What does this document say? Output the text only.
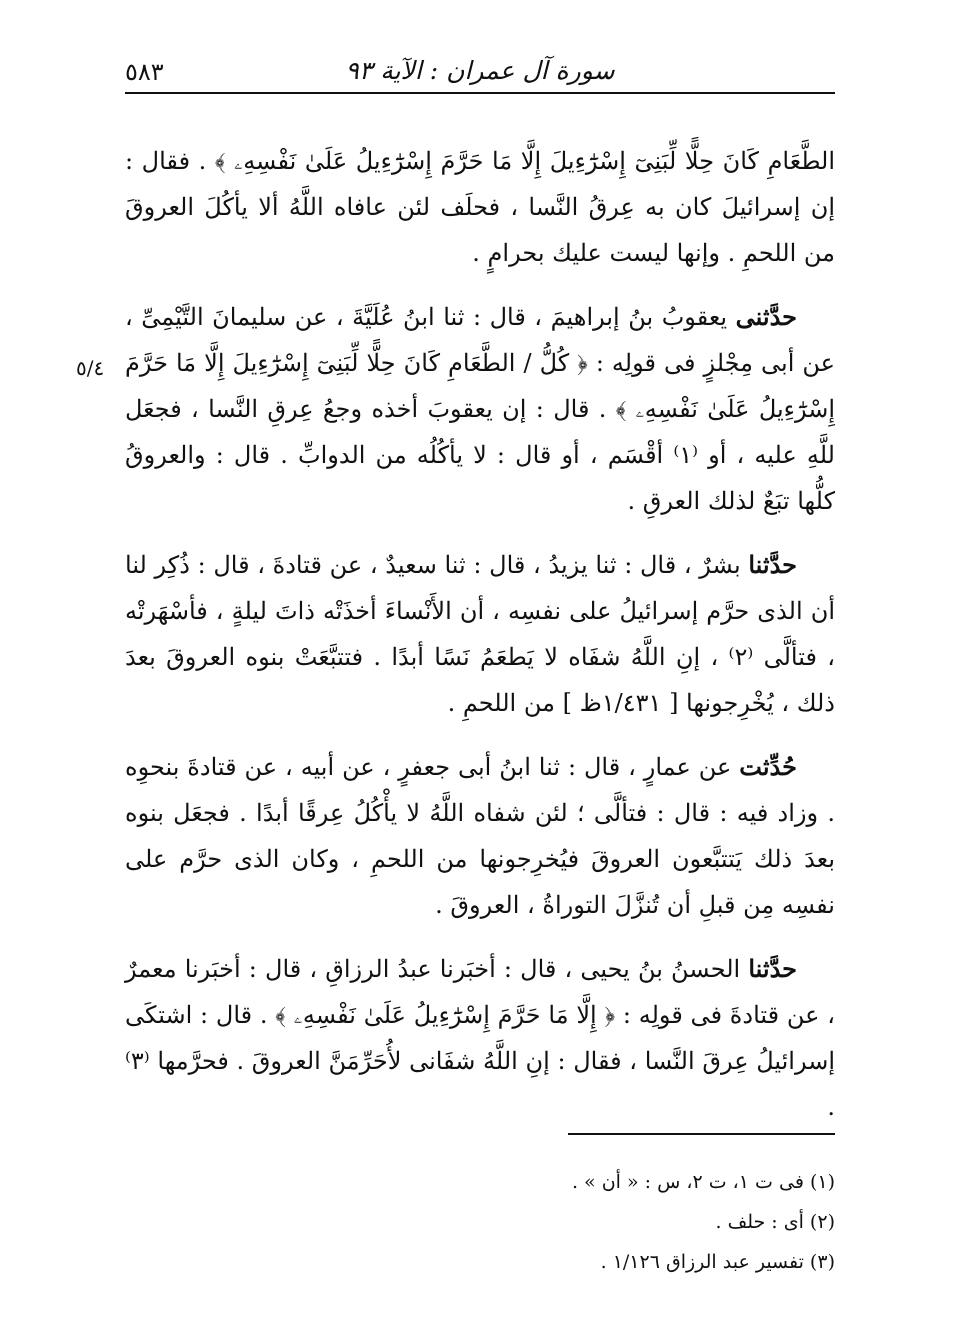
٥٨٣	سورة آل عمران : الآية ٩٣
٥/٤

الطَّعَامِ كَانَ حِلًّا لِّبَنِىٓ إِسْرَٰٓءِيلَ إِلَّا مَا حَرَّمَ إِسْرَٰٓءِيلُ عَلَىٰ نَفْسِهِۦ ﴾ . فقال : إن إسرائيلَ كان به عِرقُ النَّسا ، فحلَف لئن عافاه اللَّهُ ألا يأكُلَ العروقَ من اللحمِ . وإنها ليست عليك بحرامٍ .

حدَّثنى يعقوبُ بنُ إبراهيمَ ، قال : ثنا ابنُ عُلَيَّةَ ، عن سليمانَ التَّيْمِىِّ ، عن أبى مِجْلزٍ فى قولِه : ﴿ كُلُّ / الطَّعَامِ كَانَ حِلًّا لِّبَنِىٓ إِسْرَٰٓءِيلَ إِلَّا مَا حَرَّمَ إِسْرَٰٓءِيلُ عَلَىٰ نَفْسِهِۦ ﴾ . قال : إن يعقوبَ أخذه وجعُ عِرقِ النَّسا ، فجعَل للَّهِ عليه ، أو ⁽١⁾ أقْسَم ، أو قال : لا يأكُلُه من الدوابِّ . قال : والعروقُ كلُّها تبَعٌ لذلك العرقِ .

حدَّثنا بشرٌ ، قال : ثنا يزيدُ ، قال : ثنا سعيدٌ ، عن قتادةَ ، قال : ذُكِر لنا أن الذى حرَّم إسرائيلُ على نفسِه ، أن الأَنْساءَ أخذَتْه ذاتَ ليلةٍ ، فأسْهَرتْه ، فتألَّى ⁽٢⁾ ، إنِ اللَّهُ شفَاه لا يَطعَمُ نَسًا أبدًا . فتتبَّعَتْ بنوه العروقَ بعدَ ذلك ، يُخْرِجونها [ ١/٤٣١ظ ] من اللحمِ .

حُدِّثت عن عمارٍ ، قال : ثنا ابنُ أبى جعفرٍ ، عن أبيه ، عن قتادةَ بنحوِه . وزاد فيه : قال : فتألَّى ؛ لئن شفاه اللَّهُ لا يأْكُلُ عِرقًا أبدًا . فجعَل بنوه بعدَ ذلك يَتتبَّعون العروقَ فيُخرِجونها من اللحمِ ، وكان الذى حرَّم على نفسِه مِن قبلِ أن تُنزَّلَ التوراةُ ، العروقَ .

حدَّثنا الحسنُ بنُ يحيى ، قال : أخبَرنا عبدُ الرزاقِ ، قال : أخبَرنا معمرٌ ، عن قتادةَ فى قولِه : ﴿ إِلَّا مَا حَرَّمَ إِسْرَٰٓءِيلُ عَلَىٰ نَفْسِهِۦ ﴾ . قال : اشتكَى إسرائيلُ عِرقَ النَّسا ، فقال : إنِ اللَّهُ شفَانى لأُحَرِّمَنَّ العروقَ . فحرَّمها ⁽٣⁾ .

(١) فى ت ١، ت ٢، س : « أن » .

(٢) أى : حلف .

(٣) تفسير عبد الرزاق ١/١٢٦ .
